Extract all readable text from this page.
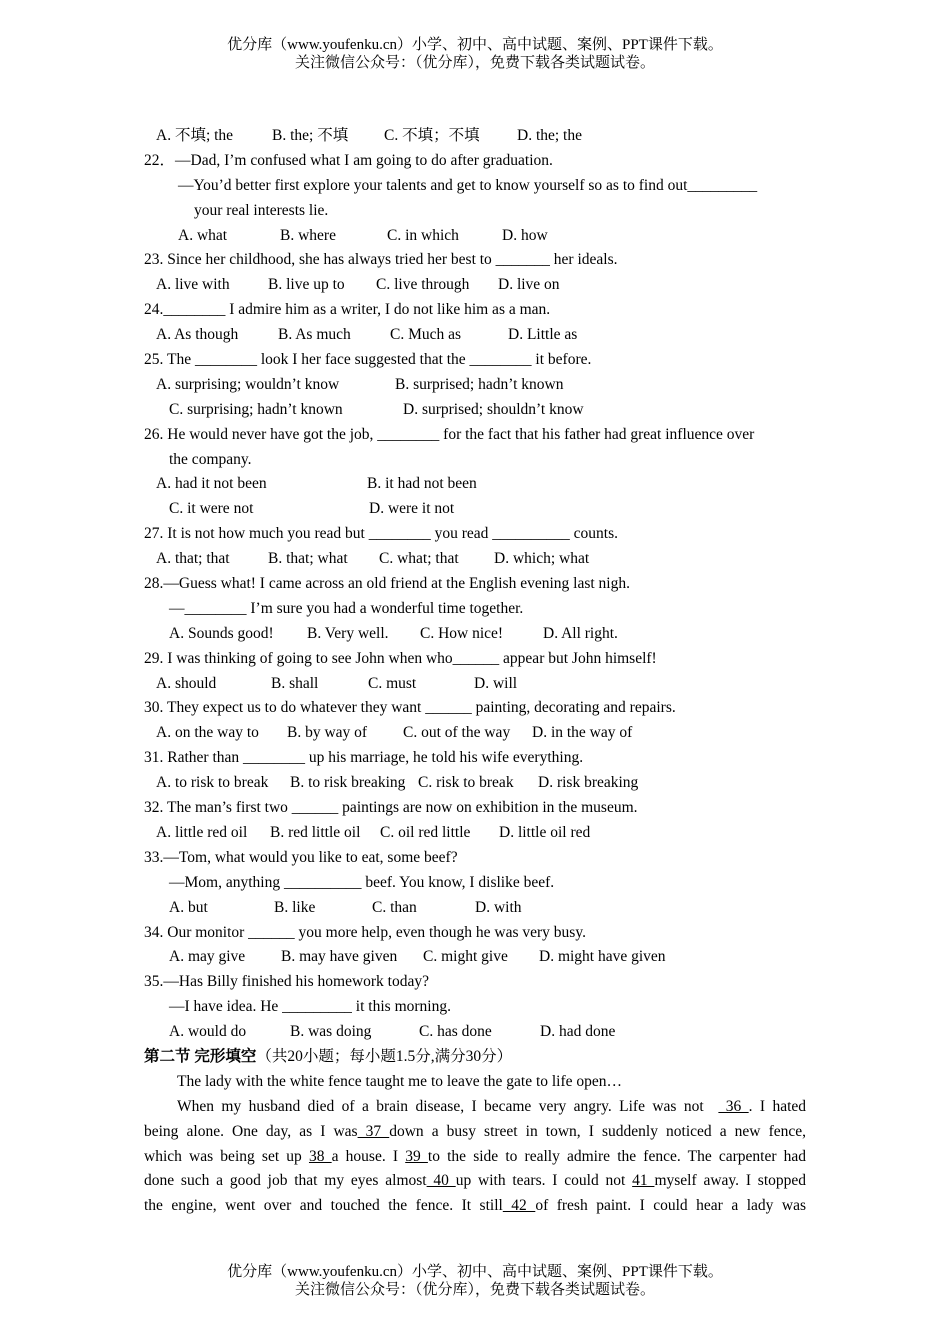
优分库（www.youfenku.cn）小学、初中、高中试题、案例、PPT课件下载。
关注微信公众号：（优分库），免费下载各类试题试卷。
A. 不填; the	B. the; 不填 C. 不填；不填 D. the; the
22．—Dad, I’m confused what I am going to do after graduation.
—You’d better first explore your talents and get to know yourself so as to find out_________
your real interests lie.
A. what	B. where	C. in which	D. how
23. Since her childhood, she has always tried her best to _______ her ideals.
A. live with B. live up to C. live through D. live on
24.________ I admire him as a writer, I do not like him as a man.
A. As though	B. As much	C. Much as	D. Little as
25. The ________ look I her face suggested that the ________ it before.
A. surprising; wouldn’t know	B. surprised; hadn’t known
C. surprising; hadn’t known	D. surprised; shouldn’t know
26. He would never have got the job, ________ for the fact that his father had great influence over
the company.
A. had it not been	B. it had not been
C. it were not	D. were it not
27. It is not how much you read but ________ you read __________ counts.
A. that; that B. that; what C. what; that D. which; what
28.—Guess what! I came across an old friend at the English evening last nigh.
—________ I’m sure you had a wonderful time together.
A. Sounds good! B. Very well. C. How nice!	D. All right.
29. I was thinking of going to see John when who______ appear but John himself!
A. should	B. shall	C. must	D. will
30. They expect us to do whatever they want ______ painting, decorating and repairs.
A. on the way to B. by way of C. out of the way D. in the way of
31. Rather than ________ up his marriage, he told his wife everything.
A. to risk to break B. to risk breaking C. risk to break D. risk breaking
32. The man’s first two ______ paintings are now on exhibition in the museum.
A. little red oil B. red little oil C. oil red little D. little oil red
33.—Tom, what would you like to eat, some beef?
—Mom, anything __________ beef. You know, I dislike beef.
A. but	B. like	C. than	D. with
34. Our monitor ______ you more help, even though he was very busy.
A. may give B. may have given C. might give D. might have given
35.—Has Billy finished his homework today?
—I have idea. He _________ it this morning.
A. would do	B. was doing	C. has done	D. had done
第二节 完形填空（共20小题；每小题1.5分,满分30分）
The lady with the white fence taught me to leave the gate to life open…
When my husband died of a brain disease, I became very angry. Life was not   36 . I hated
being alone. One day, as I was 37 down a busy street in town, I suddenly noticed a new fence,
which was being set up 38 a house. I 39 to the side to really admire the fence. The carpenter had
done such a good job that my eyes almost 40 up with tears. I could not 41 myself away. I stopped
the engine, went over and touched the fence. It still 42 of fresh paint. I could hear a lady was
优分库（www.youfenku.cn）小学、初中、高中试题、案例、PPT课件下载。
关注微信公众号：（优分库），免费下载各类试题试卷。
